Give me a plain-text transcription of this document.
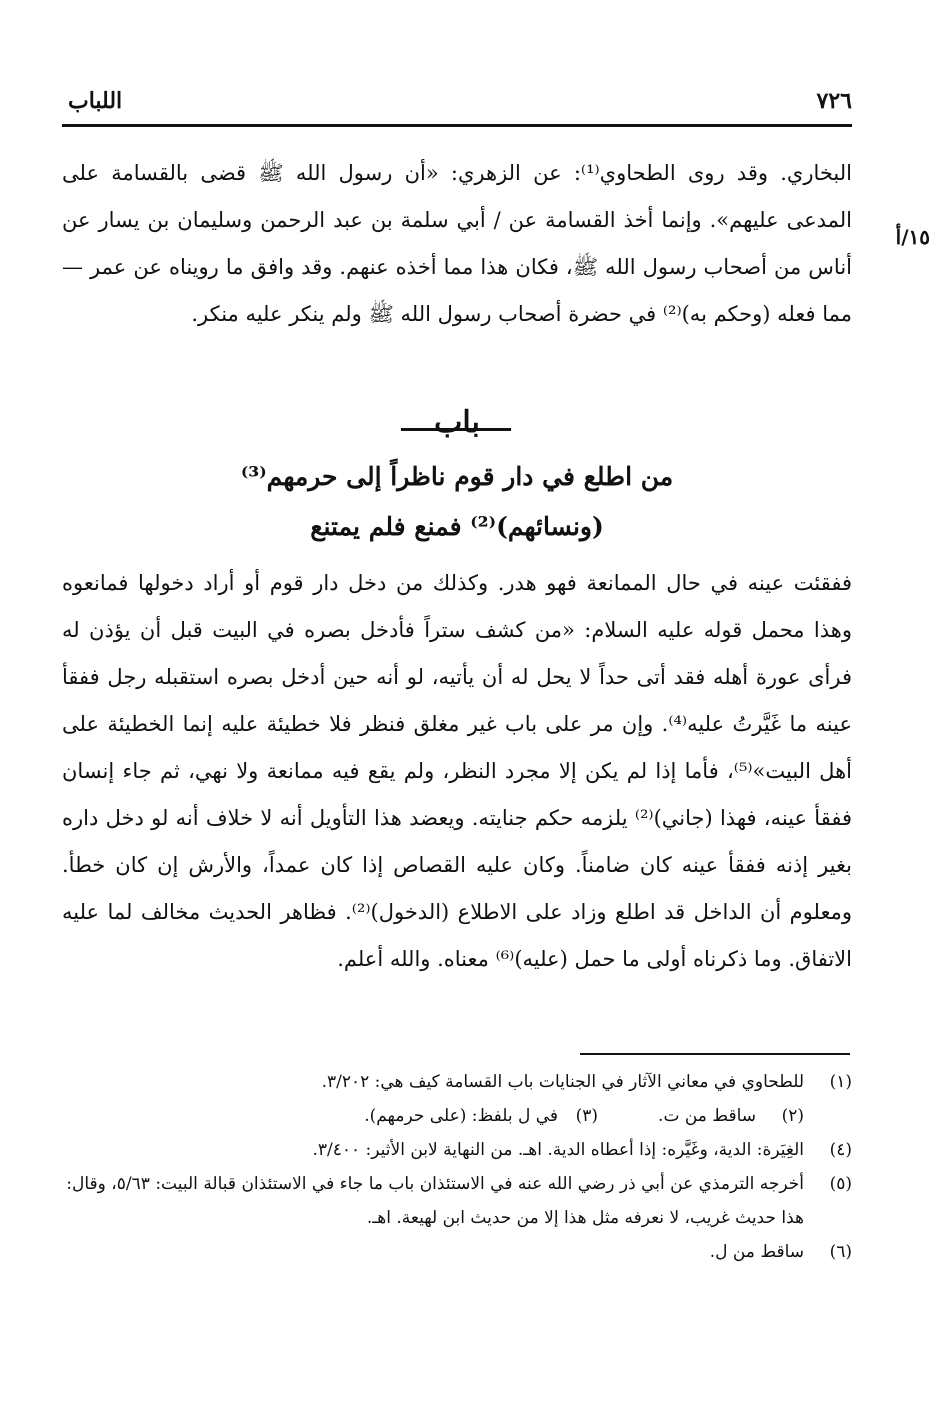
٧٢٦
اللباب
١٥/أ

البخاري. وقد روى الطحاوي⁽¹⁾: عن الزهري: «أن رسول الله ﷺ قضى بالقسامة على المدعى عليهم». وإنما أخذ القسامة عن / أبي سلمة بن عبد الرحمن وسليمان بن يسار عن أناس من أصحاب رسول الله ﷺ، فكان هذا مما أخذه عنهم. وقد وافق ما رويناه عن عمر — مما فعله (وحكم به)⁽²⁾ في حضرة أصحاب رسول الله ﷺ ولم ينكر عليه منكر.

باب
من اطلع في دار قوم ناظراً إلى حرمهم⁽³⁾
(ونسائهم)⁽²⁾ فمنع فلم يمتنع

ففقئت عينه في حال الممانعة فهو هدر. وكذلك من دخل دار قوم أو أراد دخولها فمانعوه وهذا محمل قوله عليه السلام: «من كشف ستراً فأدخل بصره في البيت قبل أن يؤذن له فرأى عورة أهله فقد أتى حداً لا يحل له أن يأتيه، لو أنه حين أدخل بصره استقبله رجل ففقأ عينه ما غَيَّرتُ عليه⁽⁴⁾. وإن مر على باب غير مغلق فنظر فلا خطيئة عليه إنما الخطيئة على أهل البيت»⁽⁵⁾، فأما إذا لم يكن إلا مجرد النظر، ولم يقع فيه ممانعة ولا نهي، ثم جاء إنسان ففقأ عينه، فهذا (جاني)⁽²⁾ يلزمه حكم جنايته. ويعضد هذا التأويل أنه لا خلاف أنه لو دخل داره بغير إذنه ففقأ عينه كان ضامناً. وكان عليه القصاص إذا كان عمداً، والأرش إن كان خطأ. ومعلوم أن الداخل قد اطلع وزاد على الاطلاع (الدخول)⁽²⁾. فظاهر الحديث مخالف لما عليه الاتفاق. وما ذكرناه أولى ما حمل (عليه)⁽⁶⁾ معناه. والله أعلم.

(١)
للطحاوي في معاني الآثار في الجنايات باب القسامة كيف هي: ٣/٢٠٢.
(٢)
ساقط من ت.
(٣)
في ل بلفظ: (على حرمهم).
(٤)
الغِيَرة: الدية، وغَيَّره: إذا أعطاه الدية. اهـ. من النهاية لابن الأثير: ٣/٤٠٠.
(٥)
أخرجه الترمذي عن أبي ذر رضي الله عنه في الاستئذان باب ما جاء في الاستئذان قبالة البيت: ٥/٦٣، وقال: هذا حديث غريب، لا نعرفه مثل هذا إلا من حديث ابن لهيعة. اهـ.
(٦)
ساقط من ل.
